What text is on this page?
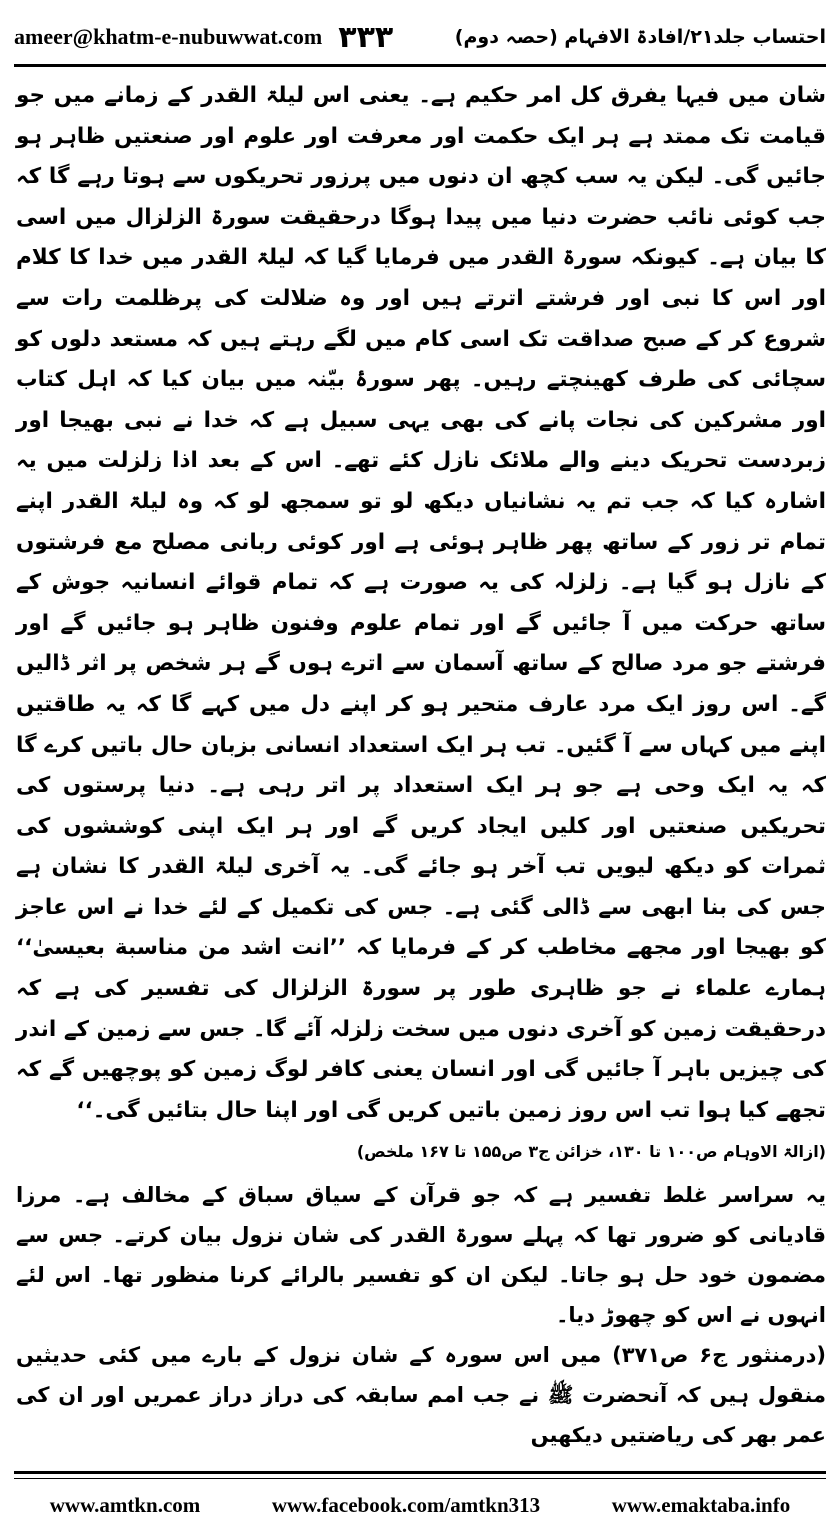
ameer@khatm-e-nubuwwat.com ٣٣٣	احتساب جلد۲۱/افادۃ الافہام (حصہ دوم)

شان میں فیہا یفرق کل امر حکیم ہے۔ یعنی اس لیلۃ القدر کے زمانے میں جو قیامت تک ممتد ہے ہر ایک حکمت اور معرفت اور علوم اور صنعتیں ظاہر ہو جائیں گی۔ لیکن یہ سب کچھ ان دنوں میں پرزور تحریکوں سے ہوتا رہے گا کہ جب کوئی نائب حضرت دنیا میں پیدا ہوگا درحقیقت سورۃ الزلزال میں اسی کا بیان ہے۔ کیونکہ سورۃ القدر میں فرمایا گیا کہ لیلۃ القدر میں خدا کا کلام اور اس کا نبی اور فرشتے اترتے ہیں اور وہ ضلالت کی پرظلمت رات سے شروع کر کے صبح صداقت تک اسی کام میں لگے رہتے ہیں کہ مستعد دلوں کو سچائی کی طرف کھینچتے رہیں۔ پھر سورۂ بیّنہ میں بیان کیا کہ اہل کتاب اور مشرکین کی نجات پانے کی بھی یہی سبیل ہے کہ خدا نے نبی بھیجا اور زبردست تحریک دینے والے ملائک نازل کئے تھے۔ اس کے بعد اذا زلزلت میں یہ اشارہ کیا کہ جب تم یہ نشانیاں دیکھ لو تو سمجھ لو کہ وہ لیلۃ القدر اپنے تمام تر زور کے ساتھ پھر ظاہر ہوئی ہے اور کوئی ربانی مصلح مع فرشتوں کے نازل ہو گیا ہے۔ زلزلہ کی یہ صورت ہے کہ تمام قوائے انسانیہ جوش کے ساتھ حرکت میں آ جائیں گے اور تمام علوم وفنون ظاہر ہو جائیں گے اور فرشتے جو مرد صالح کے ساتھ آسمان سے اترے ہوں گے ہر شخص پر اثر ڈالیں گے۔ اس روز ایک مرد عارف متحیر ہو کر اپنے دل میں کہے گا کہ یہ طاقتیں اپنے میں کہاں سے آ گئیں۔ تب ہر ایک استعداد انسانی بزبان حال باتیں کرے گا کہ یہ ایک وحی ہے جو ہر ایک استعداد پر اتر رہی ہے۔ دنیا پرستوں کی تحریکیں صنعتیں اور کلیں ایجاد کریں گے اور ہر ایک اپنی کوششوں کی ثمرات کو دیکھ لیویں تب آخر ہو جائے گی۔ یہ آخری لیلۃ القدر کا نشان ہے جس کی بنا ابھی سے ڈالی گئی ہے۔ جس کی تکمیل کے لئے خدا نے اس عاجز کو بھیجا اور مجھے مخاطب کر کے فرمایا کہ ’’انت اشد من مناسبة بعیسیٰ‘‘ ہمارے علماء نے جو ظاہری طور پر سورۃ الزلزال کی تفسیر کی ہے کہ درحقیقت زمین کو آخری دنوں میں سخت زلزلہ آئے گا۔ جس سے زمین کے اندر کی چیزیں باہر آ جائیں گی اور انسان یعنی کافر لوگ زمین کو پوچھیں گے کہ تجھے کیا ہوا تب اس روز زمین باتیں کریں گی اور اپنا حال بتائیں گی۔‘‘

(ازالۃ الاوہام ص۱۰۰ تا ۱۳۰، خزائن ج۳ ص۱۵۵ تا ۱۶۷ ملخص)

یہ سراسر غلط تفسیر ہے کہ جو قرآن کے سیاق سباق کے مخالف ہے۔ مرزا قادیانی کو ضرور تھا کہ پہلے سورۃ القدر کی شان نزول بیان کرتے۔ جس سے مضمون خود حل ہو جاتا۔ لیکن ان کو تفسیر بالرائے کرنا منظور تھا۔ اس لئے انہوں نے اس کو چھوڑ دیا۔

(درمنثور ج۶ ص۳۷۱) میں اس سورہ کے شان نزول کے بارے میں کئی حدیثیں منقول ہیں کہ آنحضرت ﷺ نے جب امم سابقہ کی دراز دراز عمریں اور ان کی عمر بھر کی ریاضتیں دیکھیں

www.amtkn.com	www.facebook.com/amtkn313	www.emaktaba.info
